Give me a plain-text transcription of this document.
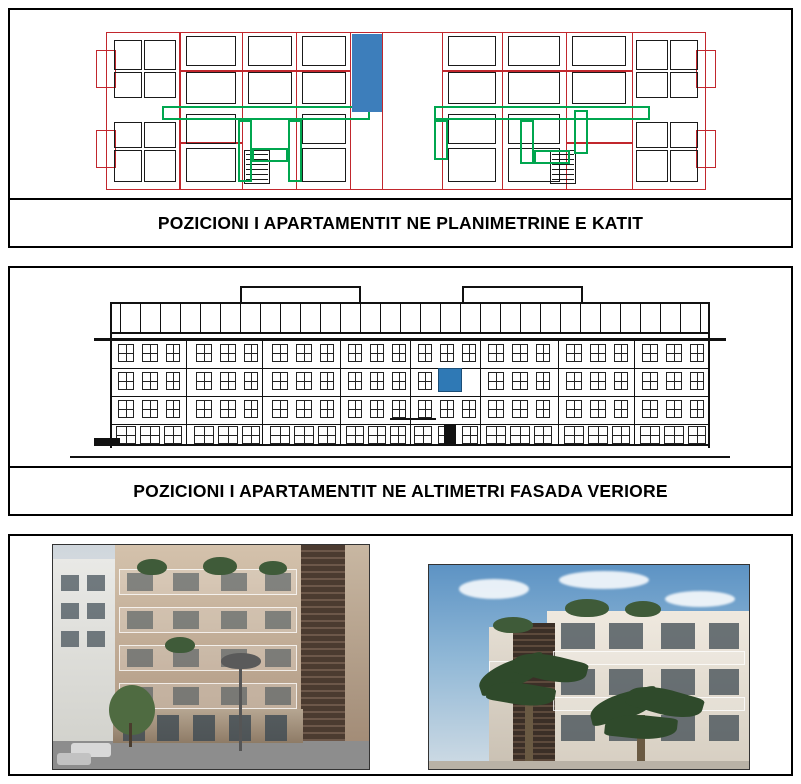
POZICIONI I APARTAMENTIT NE PLANIMETRINE E KATIT
POZICIONI I APARTAMENTIT NE ALTIMETRI FASADA VERIORE
